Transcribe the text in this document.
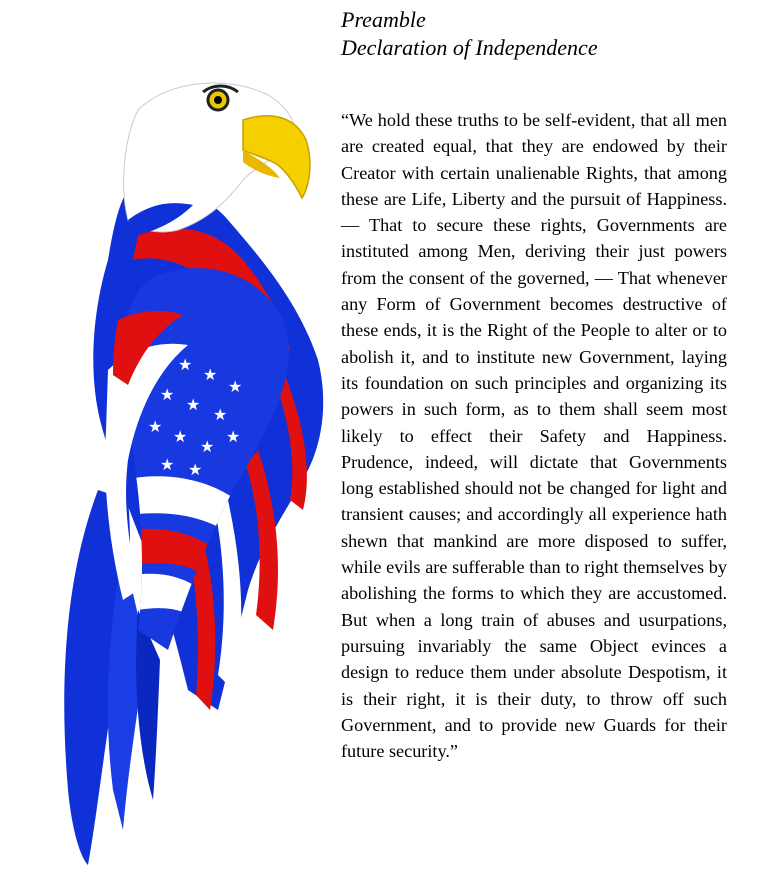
★
★
★
★
★
★
★
★
★
★
★ ★
Preamble
Declaration of Independence
“We hold these truths to be self-evident, that all men are created equal, that they are endowed by their Creator with certain unalienable Rights, that among these are Life, Liberty and the pursuit of Happiness. — That to secure these rights, Governments are instituted among Men, deriving their just powers from the consent of the governed, — That whenever any Form of Government becomes destructive of these ends, it is the Right of the People to alter or to abolish it, and to institute new Government, laying its foundation on such principles and organizing its powers in such form, as to them shall seem most likely to effect their Safety and Happiness. Prudence, indeed, will dictate that Governments long established should not be changed for light and transient causes; and accordingly all experience hath shewn that mankind are more disposed to suffer, while evils are sufferable than to right themselves by abolishing the forms to which they are accustomed. But when a long train of abuses and usurpations, pursuing invariably the same Object evinces a design to reduce them under absolute Despotism, it is their right, it is their duty, to throw off such Government, and to provide new Guards for their future security.”
